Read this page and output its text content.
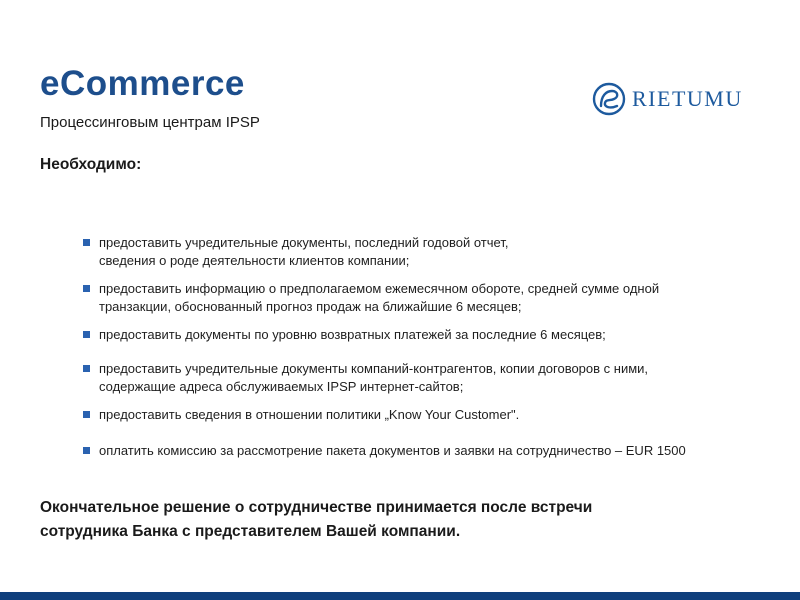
eCommerce
Процессинговым центрам IPSP
Необходимо:
RIETUMU
предоставить учредительные документы, последний годовой отчет,
сведения о роде деятельности клиентов компании;
предоставить информацию о предполагаемом ежемесячном обороте, средней сумме одной
транзакции, обоснованный прогноз продаж на ближайшие 6 месяцев;
предоставить документы по уровню возвратных платежей за последние 6 месяцев;
предоставить учредительные документы компаний-контрагентов, копии договоров с ними,
содержащие адреса обслуживаемых IPSP интернет-сайтов;
предоставить сведения в отношении политики „Know Your Customer".
оплатить комиссию за рассмотрение пакета документов и заявки на сотрудничество – EUR 1500
Окончательное решение о сотрудничестве принимается после встречи
сотрудника Банка с представителем Вашей компании.
